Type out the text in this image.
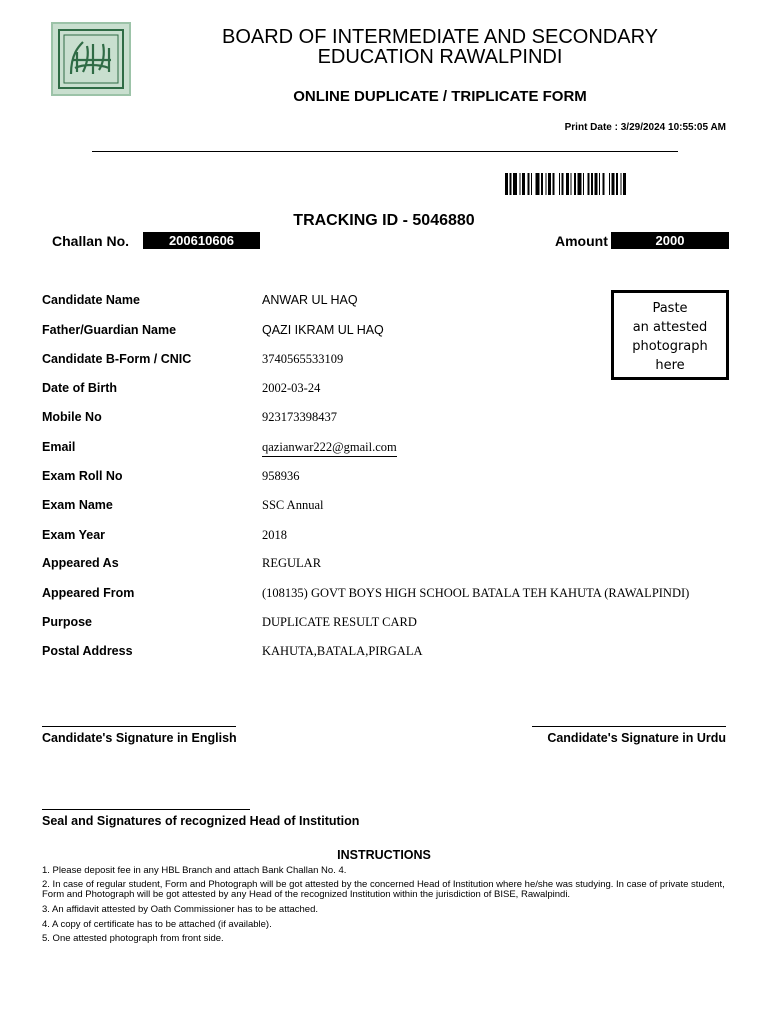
BOARD OF INTERMEDIATE AND SECONDARY
EDUCATION RAWALPINDI
ONLINE DUPLICATE / TRIPLICATE FORM
Print Date : 3/29/2024 10:55:05 AM
TRACKING ID - 5046880
Challan No.	200610606	Amount	2000
Paste
an attested
photograph
here
Candidate Name	ANWAR UL HAQ
Father/Guardian Name	QAZI IKRAM UL HAQ
Candidate B-Form / CNIC	3740565533109
Date of Birth	2002-03-24
Mobile No	923173398437
Email	qazianwar222@gmail.com
Exam Roll No	958936
Exam Name	SSC Annual
Exam Year	2018
Appeared As	REGULAR
Appeared From	(108135) GOVT BOYS HIGH SCHOOL BATALA TEH KAHUTA (RAWALPINDI)
Purpose	DUPLICATE RESULT CARD
Postal Address	KAHUTA,BATALA,PIRGALA
Candidate's Signature in English	Candidate's Signature in Urdu
Seal and Signatures of recognized Head of Institution
INSTRUCTIONS
1. Please deposit fee in any HBL Branch and attach Bank Challan No. 4.
2. In case of regular student, Form and Photograph will be got attested by the concerned Head of Institution where he/she was studying. In case of private student, Form and Photograph will be got attested by any Head of the recognized Institution within the jurisdiction of BISE, Rawalpindi.
3. An affidavit attested by Oath Commissioner has to be attached.
4. A copy of certificate has to be attached (if available).
5. One attested photograph from front side.
